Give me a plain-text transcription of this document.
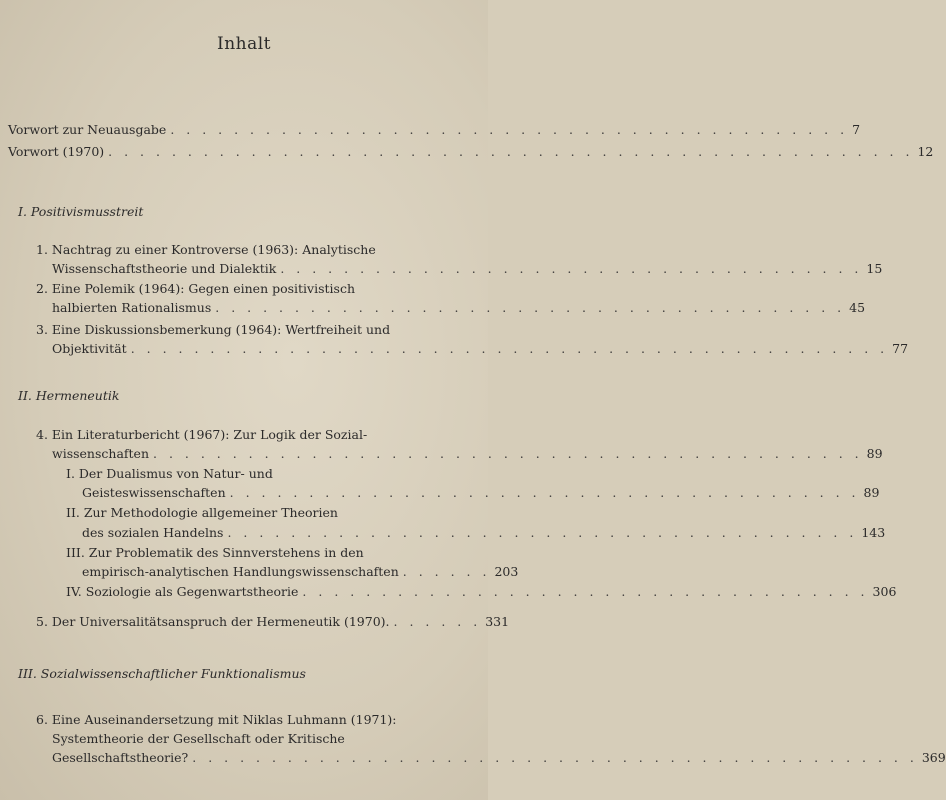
Inhalt
Vorwort zur Neuausgabe . . . . . . . . . . . . . . . . . . . . . . . . . . . . . . . . . . . . . . . . . . . 7
Vorwort (1970) . . . . . . . . . . . . . . . . . . . . . . . . . . . . . . . . . . . . . . . . . . . . . . . . . . . 12
I. Positivismusstreit
1. Nachtrag zu einer Kontroverse (1963): Analytische
Wissenschaftstheorie und Dialektik . . . . . . . . . . . . . . . . . . . . . . . . . . . . . . . . . . . . . 15
2. Eine Polemik (1964): Gegen einen positivistisch
halbierten Rationalismus . . . . . . . . . . . . . . . . . . . . . . . . . . . . . . . . . . . . . . . . 45
3. Eine Diskussionsbemerkung (1964): Wertfreiheit und
Objektivität . . . . . . . . . . . . . . . . . . . . . . . . . . . . . . . . . . . . . . . . . . . . . . . . 77
II. Hermeneutik
4. Ein Literaturbericht (1967): Zur Logik der Sozial-
wissenschaften . . . . . . . . . . . . . . . . . . . . . . . . . . . . . . . . . . . . . . . . . . . . . 89
I. Der Dualismus von Natur- und
Geisteswissenschaften . . . . . . . . . . . . . . . . . . . . . . . . . . . . . . . . . . . . . . . . 89
II. Zur Methodologie allgemeiner Theorien
des sozialen Handelns . . . . . . . . . . . . . . . . . . . . . . . . . . . . . . . . . . . . . . . . 143
III. Zur Problematik des Sinnverstehens in den
empirisch-analytischen Handlungswissenschaften . . . . . . 203
IV. Soziologie als Gegenwartstheorie . . . . . . . . . . . . . . . . . . . . . . . . . . . . . . . . . . . . 306
5. Der Universalitätsanspruch der Hermeneutik (1970). . . . . . . 331
III. Sozialwissenschaftlicher Funktionalismus
6. Eine Auseinandersetzung mit Niklas Luhmann (1971):
Systemtheorie der Gesellschaft oder Kritische
Gesellschaftstheorie? . . . . . . . . . . . . . . . . . . . . . . . . . . . . . . . . . . . . . . . . . . . . . . 369
